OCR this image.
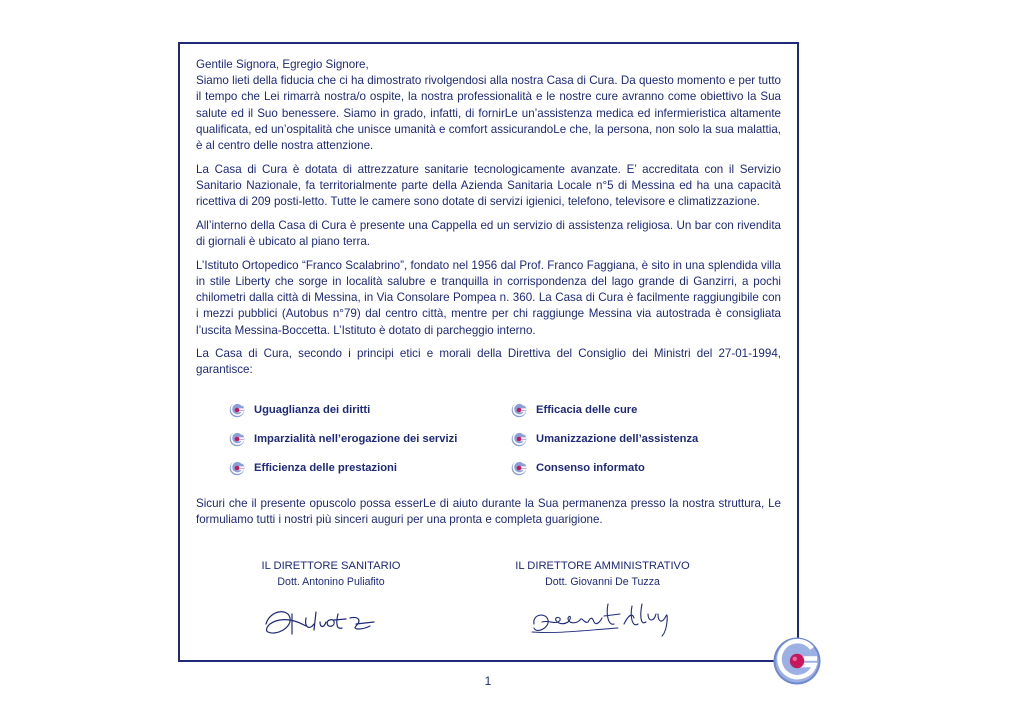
Gentile Signora, Egregio Signore,

Siamo lieti della fiducia che ci ha dimostrato rivolgendosi alla nostra Casa di Cura. Da questo momento e per tutto il tempo che Lei rimarrà nostra/o ospite, la nostra professionalità e le nostre cure avranno come obiettivo la Sua salute ed il Suo benessere. Siamo in grado, infatti, di fornirLe un’assistenza medica ed infermieristica altamente qualificata, ed un’ospitalità che unisce umanità e comfort assicurandoLe che, la persona, non solo la sua malattia, è al centro delle nostra attenzione.

La Casa di Cura è dotata di attrezzature sanitarie tecnologicamente avanzate. E’ accreditata con il Servizio Sanitario Nazionale, fa territorialmente parte della Azienda Sanitaria Locale n°5 di Messina ed ha una capacità ricettiva di 209 posti-letto. Tutte le camere sono dotate di servizi igienici, telefono, televisore e climatizzazione.

All’interno della Casa di Cura è presente una Cappella ed un servizio di assistenza religiosa. Un bar con rivendita di giornali è ubicato al piano terra.

L’Istituto Ortopedico “Franco Scalabrino”, fondato nel 1956 dal Prof. Franco Faggiana, è sito in una splendida villa in stile Liberty che sorge in località salubre e tranquilla in corrispondenza del lago grande di Ganzirri, a pochi chilometri dalla città di Messina, in Via Consolare Pompea n. 360. La Casa di Cura è facilmente raggiungibile con i mezzi pubblici (Autobus n°79) dal centro città, mentre per chi raggiunge Messina via autostrada è consigliata l’uscita Messina-Boccetta. L’Istituto è dotato di parcheggio interno.

La Casa di Cura, secondo i principi etici e morali della Direttiva del Consiglio dei Ministri del 27-01-1994, garantisce:

Uguaglianza dei diritti	Efficacia delle cure
Imparzialità nell’erogazione dei servizi	Umanizzazione dell’assistenza
Efficienza delle prestazioni	Consenso informato

Sicuri che il presente opuscolo possa esserLe di aiuto durante la Sua permanenza presso la nostra struttura, Le formuliamo tutti i nostri più sinceri auguri per una pronta e completa guarigione.

IL DIRETTORE SANITARIO
Dott. Antonino Puliafito
IL DIRETTORE AMMINISTRATIVO
Dott. Giovanni De Tuzza
1
